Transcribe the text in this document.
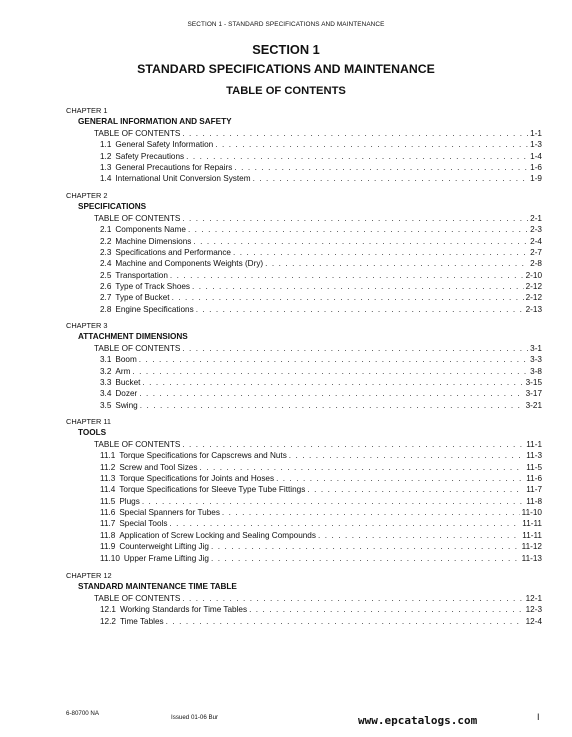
SECTION 1 - STANDARD SPECIFICATIONS AND MAINTENANCE
SECTION 1
STANDARD SPECIFICATIONS AND MAINTENANCE
TABLE OF CONTENTS
CHAPTER 1
GENERAL INFORMATION AND SAFETY
TABLE OF CONTENTS . . .	1-1
1.1 General Safety Information . . .	1-3
1.2 Safety Precautions . . .	1-4
1.3 General Precautions for Repairs . . .	1-6
1.4 International Unit Conversion System . . .	1-9
CHAPTER 2
SPECIFICATIONS
TABLE OF CONTENTS . . .	2-1
2.1 Components Name . . .	2-3
2.2 Machine Dimensions . . .	2-4
2.3 Specifications and Performance . . .	2-7
2.4 Machine and Components Weights (Dry) . . .	2-8
2.5 Transportation . . .	2-10
2.6 Type of Track Shoes . . .	2-12
2.7 Type of Bucket . . .	2-12
2.8 Engine Specifications . . .	2-13
CHAPTER 3
ATTACHMENT DIMENSIONS
TABLE OF CONTENTS . . .	3-1
3.1 Boom . . .	3-3
3.2 Arm . . .	3-8
3.3 Bucket . . .	3-15
3.4 Dozer . . .	3-17
3.5 Swing . . .	3-21
CHAPTER 11
TOOLS
TABLE OF CONTENTS . . .	11-1
11.1 Torque Specifications for Capscrews and Nuts . . .	11-3
11.2 Screw and Tool Sizes . . .	11-5
11.3 Torque Specifications for Joints and Hoses . . .	11-6
11.4 Torque Specifications for Sleeve Type Tube Fittings . . .	11-7
11.5 Plugs . . .	11-8
11.6 Special Spanners for Tubes . . .	11-10
11.7 Special Tools . . .	11-11
11.8 Application of Screw Locking and Sealing Compounds . . .	11-11
11.9 Counterweight Lifting Jig . . .	11-12
11.10 Upper Frame Lifting Jig . . .	11-13
CHAPTER 12
STANDARD MAINTENANCE TIME TABLE
TABLE OF CONTENTS . . .	12-1
12.1 Working Standards for Time Tables . . .	12-3
12.2 Time Tables . . .	12-4
6-80700 NA
Issued 01-06 Bur	www.epcatalogs.com	I
